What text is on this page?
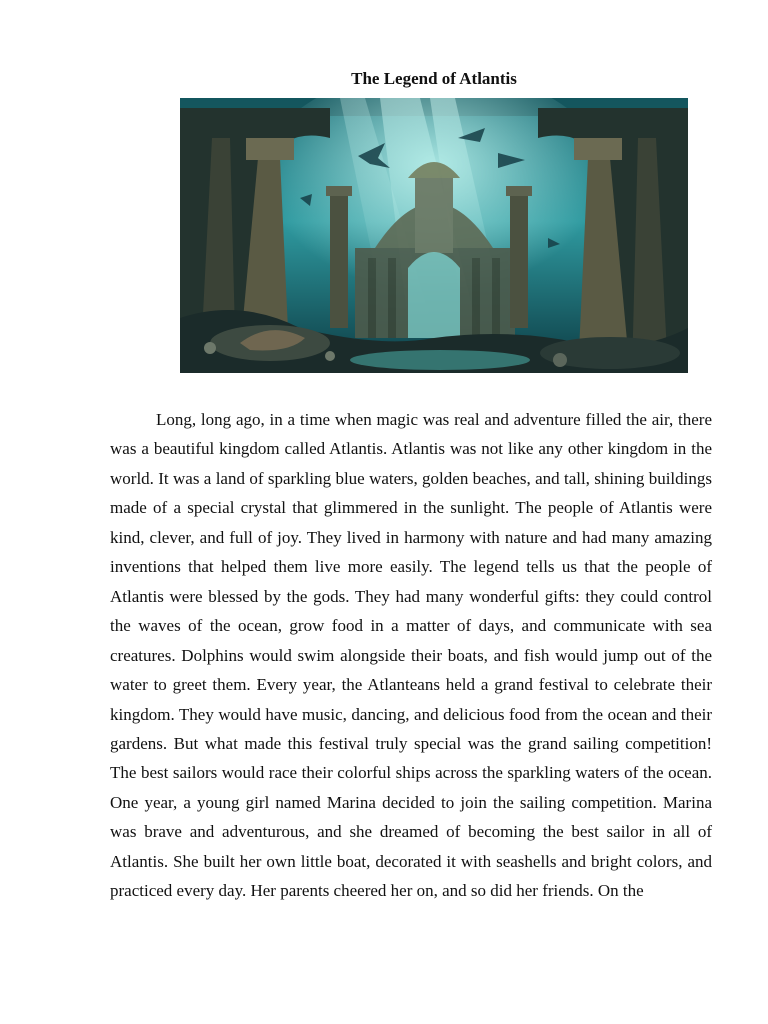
The Legend of Atlantis

Long, long ago, in a time when magic was real and adventure filled the air, there was a beautiful kingdom called Atlantis. Atlantis was not like any other kingdom in the world. It was a land of sparkling blue waters, golden beaches, and tall, shining buildings made of a special crystal that glimmered in the sunlight. The people of Atlantis were kind, clever, and full of joy. They lived in harmony with nature and had many amazing inventions that helped them live more easily. The legend tells us that the people of Atlantis were blessed by the gods. They had many wonderful gifts: they could control the waves of the ocean, grow food in a matter of days, and communicate with sea creatures. Dolphins would swim alongside their boats, and fish would jump out of the water to greet them. Every year, the Atlanteans held a grand festival to celebrate their kingdom. They would have music, dancing, and delicious food from the ocean and their gardens. But what made this festival truly special was the grand sailing competition! The best sailors would race their colorful ships across the sparkling waters of the ocean. One year, a young girl named Marina decided to join the sailing competition. Marina was brave and adventurous, and she dreamed of becoming the best sailor in all of Atlantis. She built her own little boat, decorated it with seashells and bright colors, and practiced every day. Her parents cheered her on, and so did her friends. On the
